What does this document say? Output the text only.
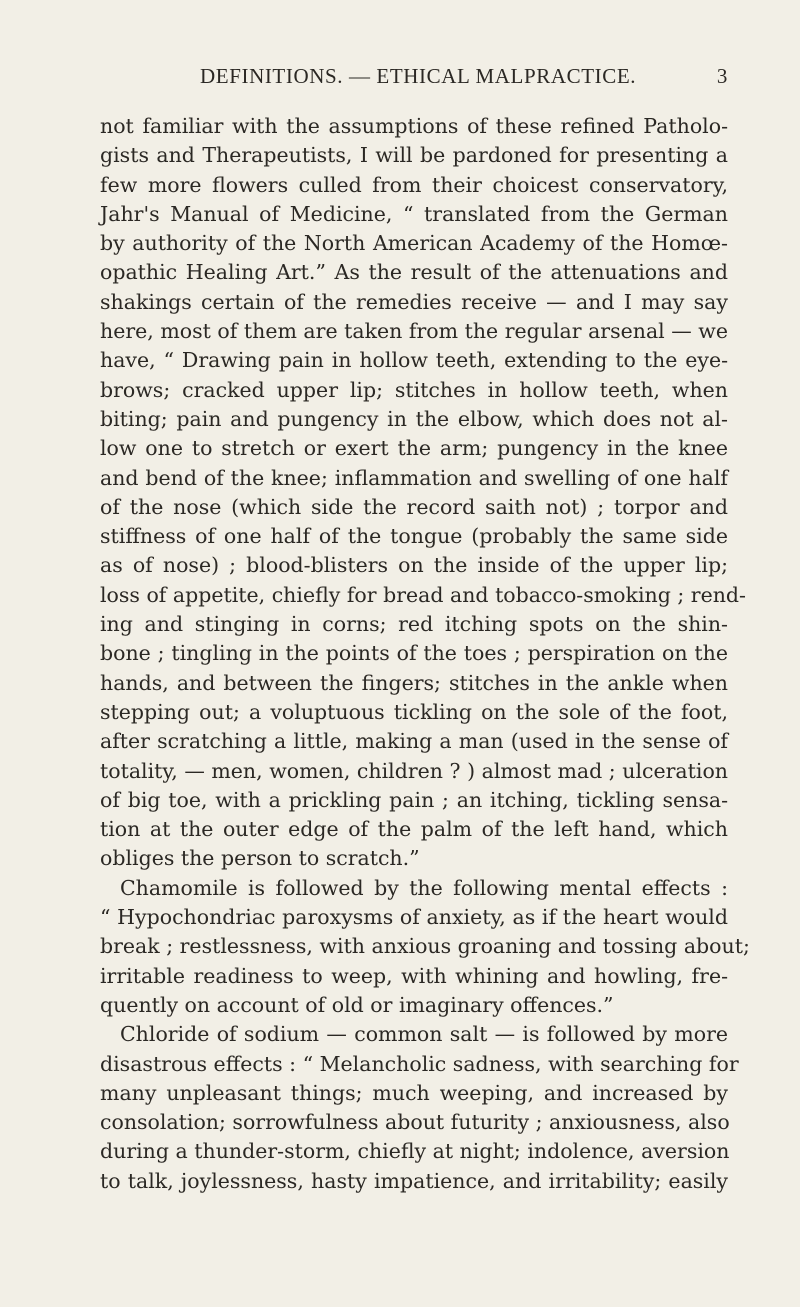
DEFINITIONS. — ETHICAL MALPRACTICE.	3
not familiar with the assumptions of these refined Patholo-
gists and Therapeutists, I will be pardoned for presenting a
few more flowers culled from their choicest conservatory,
Jahr's Manual of Medicine, “ translated from the German
by authority of the North American Academy of the Homœ-
opathic Healing Art.” As the result of the attenuations and
shakings certain of the remedies receive — and I may say
here, most of them are taken from the regular arsenal — we
have, “ Drawing pain in hollow teeth, extending to the eye-
brows; cracked upper lip; stitches in hollow teeth, when
biting; pain and pungency in the elbow, which does not al-
low one to stretch or exert the arm; pungency in the knee
and bend of the knee; inflammation and swelling of one half
of the nose (which side the record saith not) ; torpor and
stiffness of one half of the tongue (probably the same side
as of nose) ; blood-blisters on the inside of the upper lip;
loss of appetite, chiefly for bread and tobacco-smoking ; rend-
ing and stinging in corns; red itching spots on the shin-
bone ; tingling in the points of the toes ; perspiration on the
hands, and between the fingers; stitches in the ankle when
stepping out; a voluptuous tickling on the sole of the foot,
after scratching a little, making a man (used in the sense of
totality, — men, women, children ? ) almost mad ; ulceration
of big toe, with a prickling pain ; an itching, tickling sensa-
tion at the outer edge of the palm of the left hand, which
obliges the person to scratch.”
Chamomile is followed by the following mental effects :
“ Hypochondriac paroxysms of anxiety, as if the heart would
break ; restlessness, with anxious groaning and tossing about;
irritable readiness to weep, with whining and howling, fre-
quently on account of old or imaginary offences.”
Chloride of sodium — common salt — is followed by more
disastrous effects : “ Melancholic sadness, with searching for
many unpleasant things; much weeping, and increased by
consolation; sorrowfulness about futurity ; anxiousness, also
during a thunder-storm, chiefly at night; indolence, aversion
to talk, joylessness, hasty impatience, and irritability; easily
